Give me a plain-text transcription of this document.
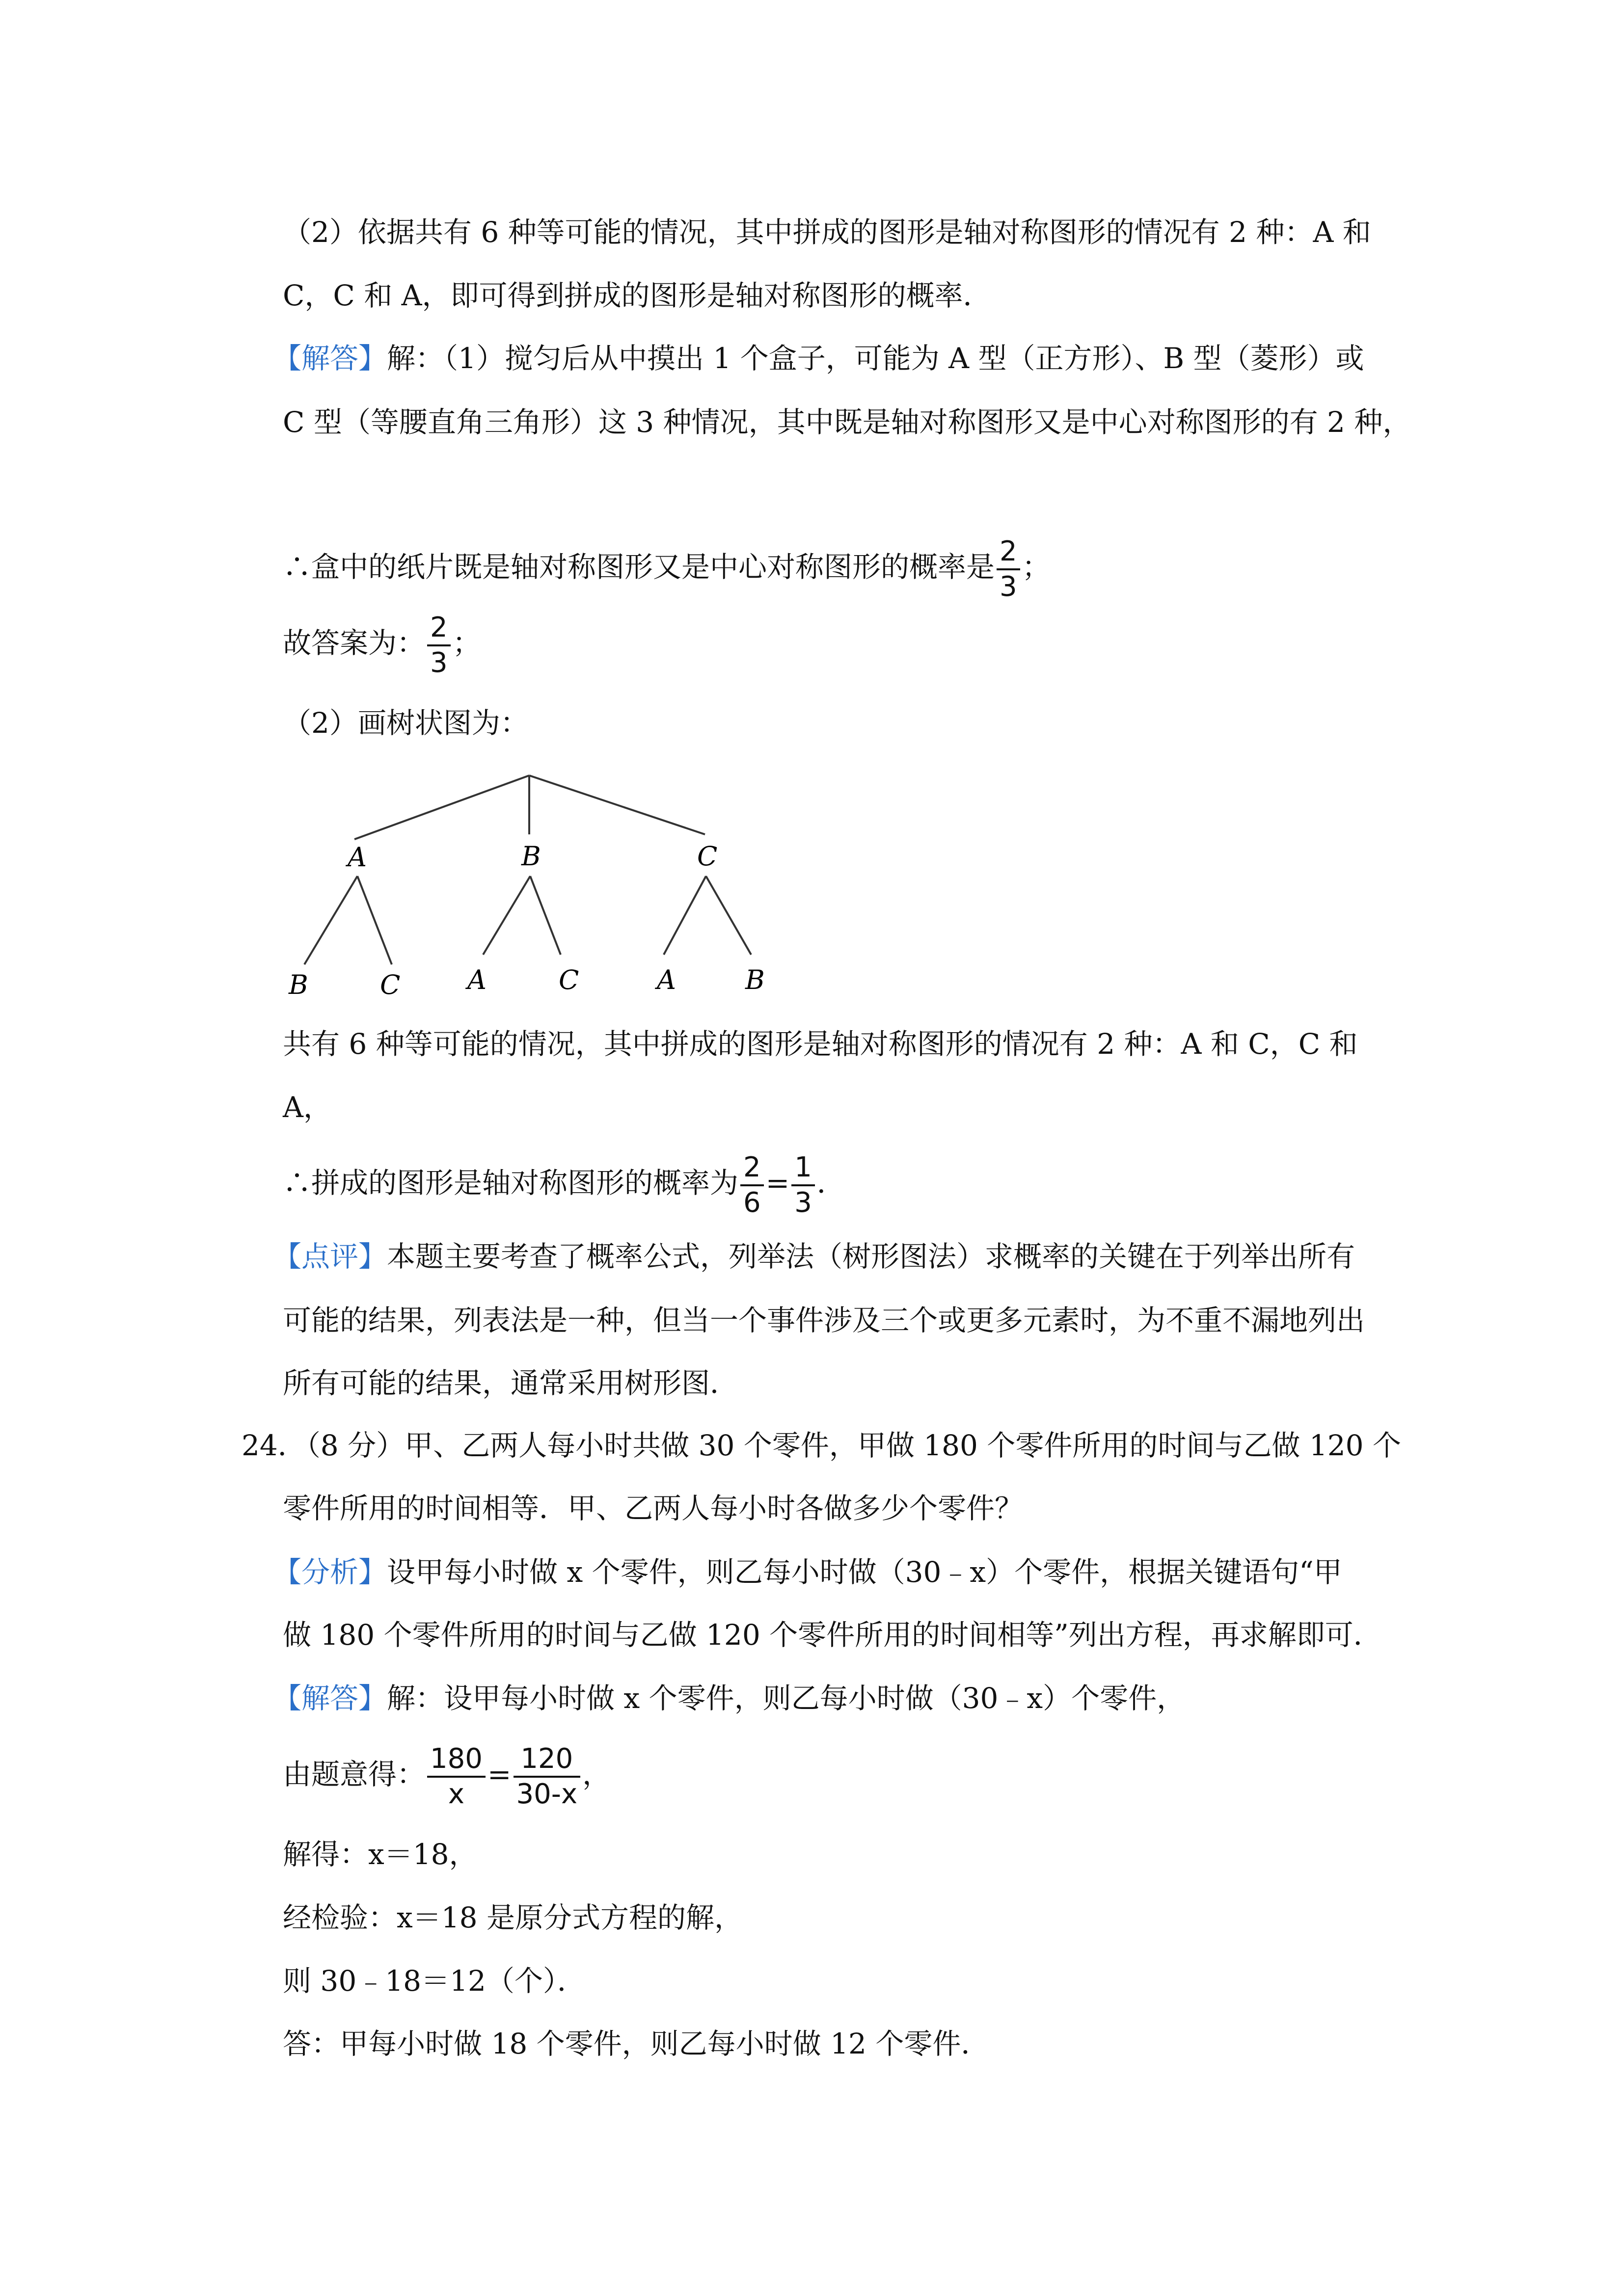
（2）依据共有 6 种等可能的情况，其中拼成的图形是轴对称图形的情况有 2 种：A 和
C，C 和 A，即可得到拼成的图形是轴对称图形的概率．
【解答】解：（1）搅匀后从中摸出 1 个盒子，可能为 A 型（正方形）、B 型（菱形）或
C 型（等腰直角三角形）这 3 种情况，其中既是轴对称图形又是中心对称图形的有 2 种，
∴盒中的纸片既是轴对称图形又是中心对称图形的概率是 $\frac{2}{3}$ ；
故答案为： $\frac{2}{3}$ ；
（2）画树状图为：
A	B	C
B	C	A	C	A	B
共有 6 种等可能的情况，其中拼成的图形是轴对称图形的情况有 2 种：A 和 C，C 和
A，
∴拼成的图形是轴对称图形的概率为 $\frac{2}{6} = \frac{1}{3}$ ．
【点评】本题主要考查了概率公式，列举法（树形图法）求概率的关键在于列举出所有
可能的结果，列表法是一种，但当一个事件涉及三个或更多元素时，为不重不漏地列出
所有可能的结果，通常采用树形图．
24．（8 分）甲、乙两人每小时共做 30 个零件，甲做 180 个零件所用的时间与乙做 120 个
零件所用的时间相等．甲、乙两人每小时各做多少个零件？
【分析】设甲每小时做 x 个零件，则乙每小时做（30﹣x）个零件，根据关键语句“甲
做 180 个零件所用的时间与乙做 120 个零件所用的时间相等”列出方程，再求解即可．
【解答】解：设甲每小时做 x 个零件，则乙每小时做（30﹣x）个零件，
由题意得： $\frac{180}{x} = \frac{120}{30-x}$ ，
解得：x＝18，
经检验：x＝18 是原分式方程的解，
则 30﹣18＝12（个）．
答：甲每小时做 18 个零件，则乙每小时做 12 个零件．
